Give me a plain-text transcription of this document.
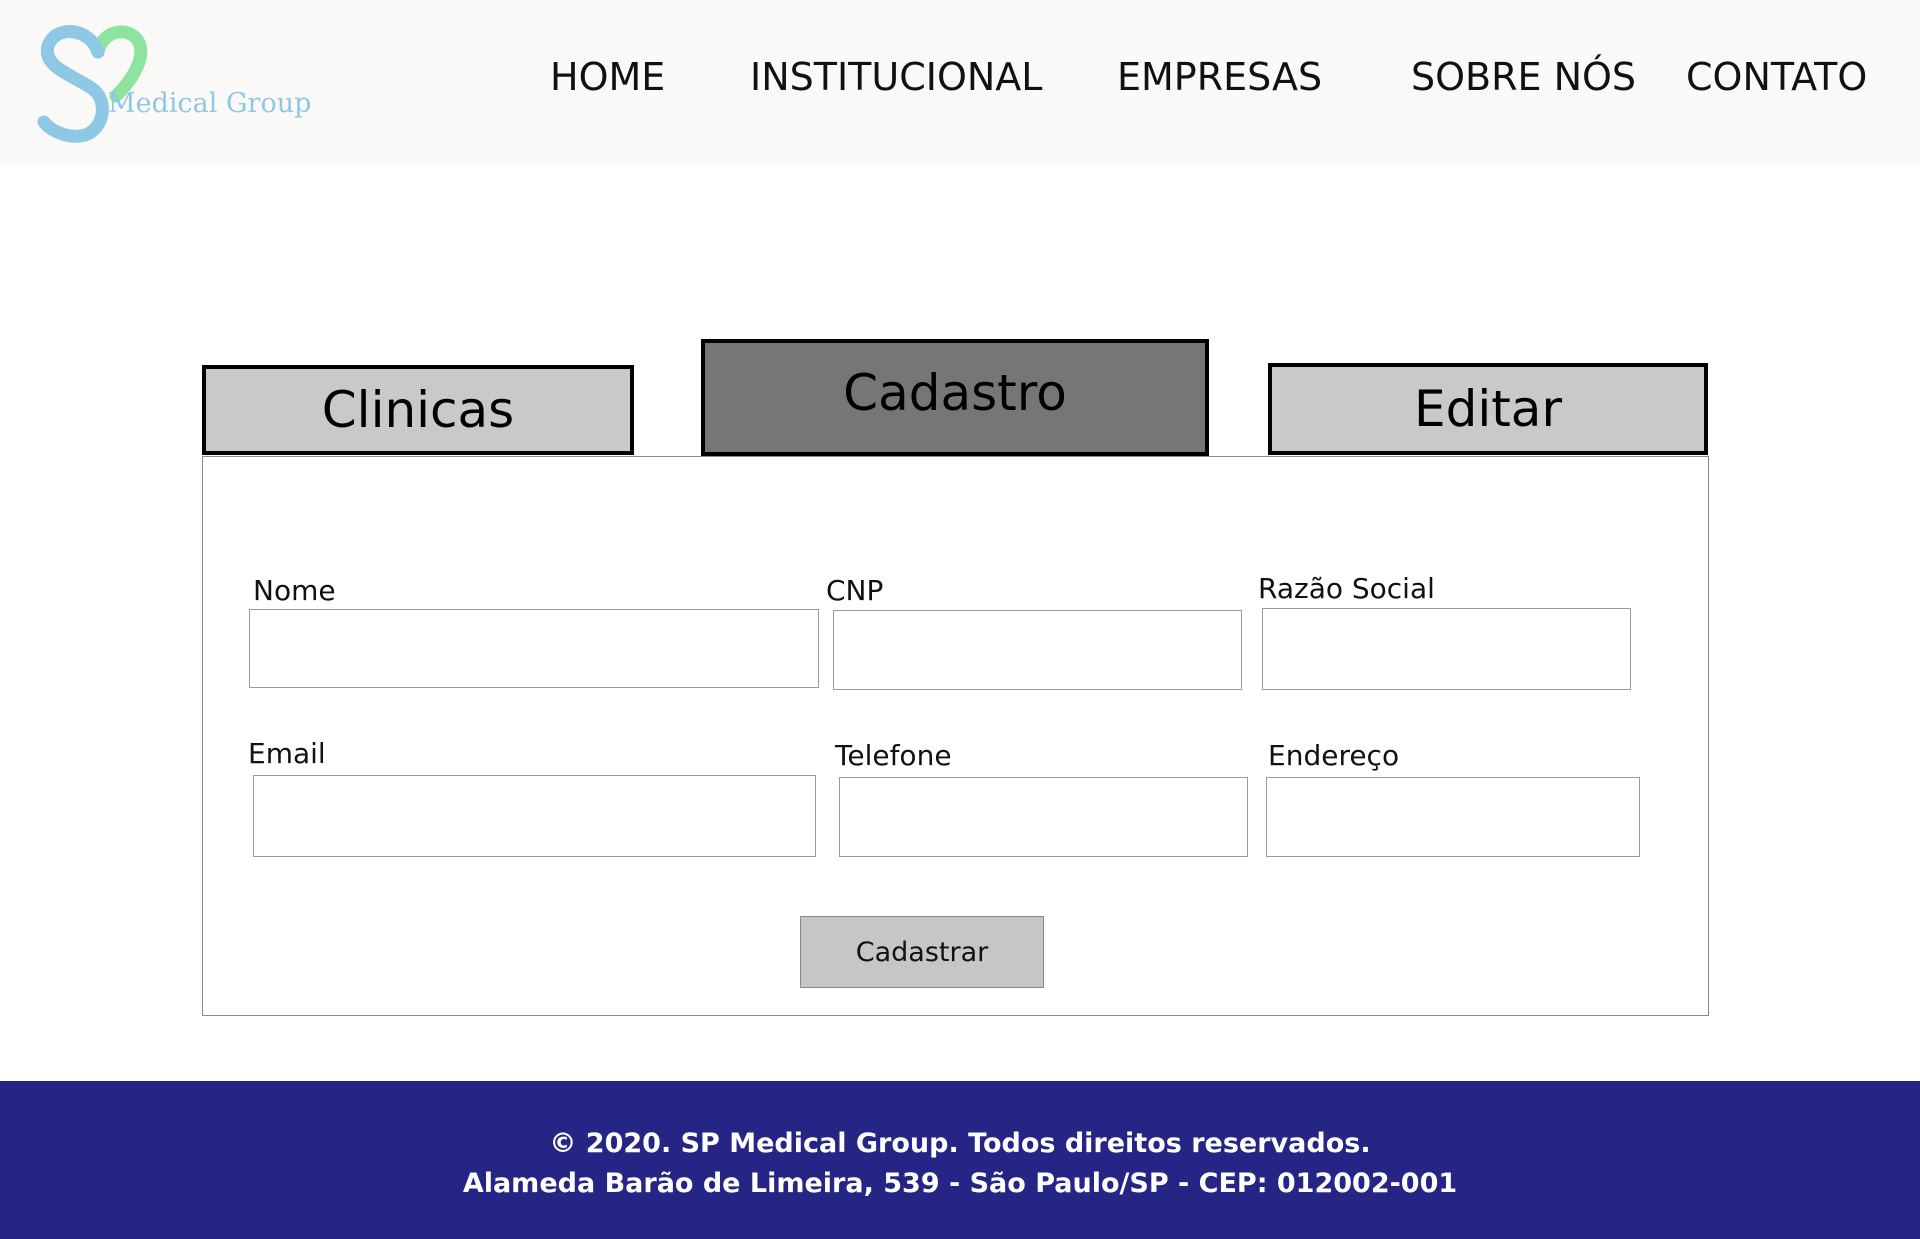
Medical Group
HOME INSTITUCIONAL EMPRESAS SOBRE NÓS CONTATO
Clinicas	Cadastro	Editar
Nome	CNP	Razão Social
Email	Telefone	Endereço
Cadastrar
© 2020. SP Medical Group. Todos direitos reservados.
Alameda Barão de Limeira, 539 - São Paulo/SP - CEP: 012002-001
